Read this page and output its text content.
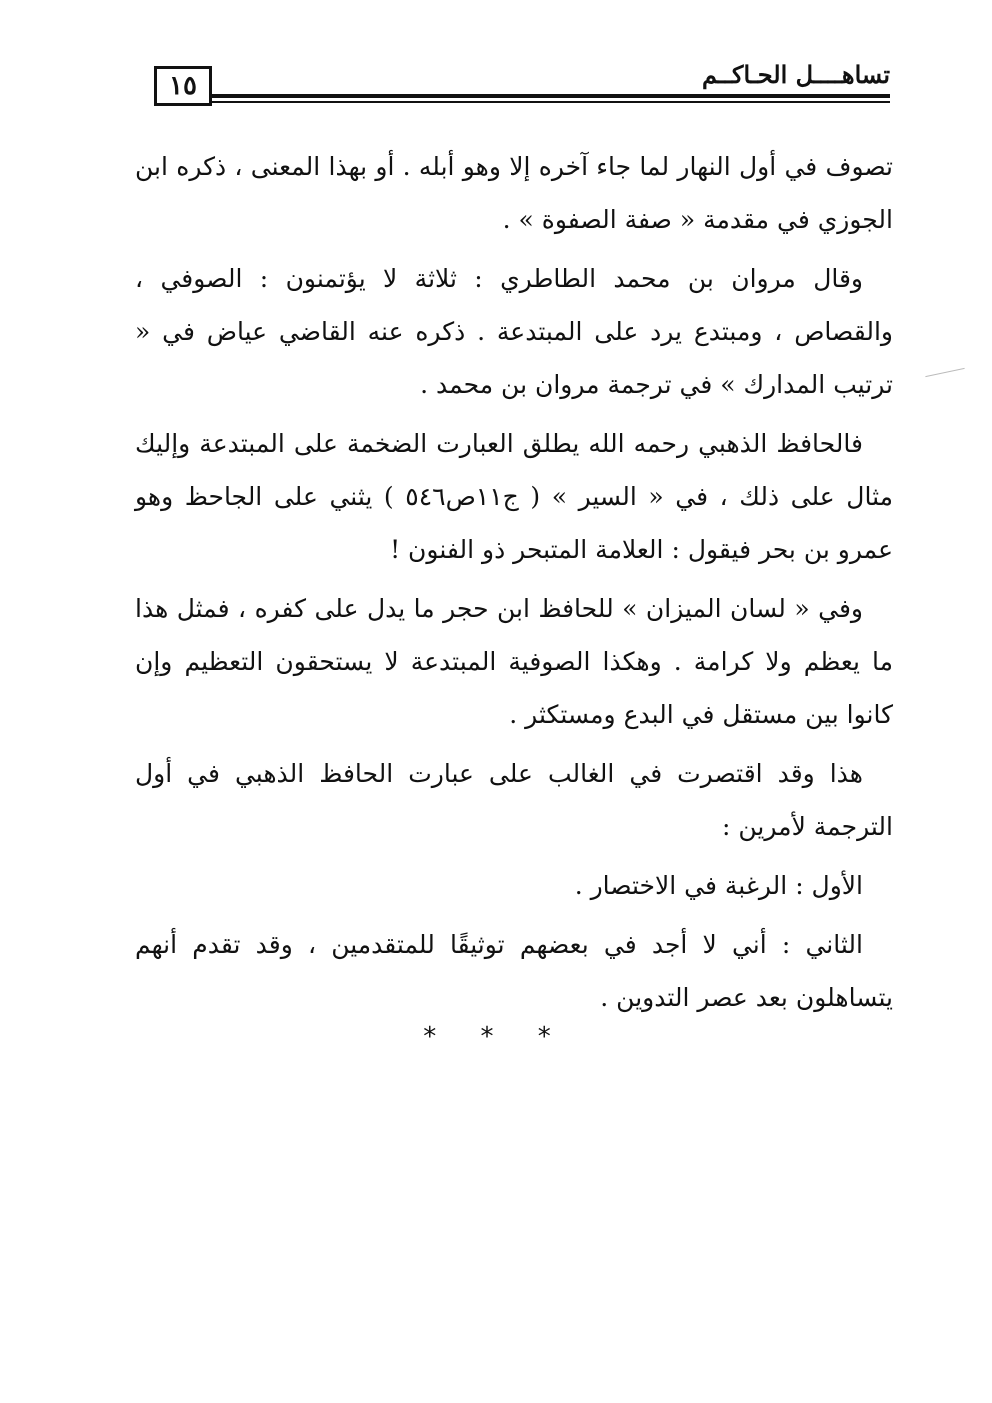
١٥	تساهــــل الحـاكــم

تصوف في أول النهار لما جاء آخره إلا وهو أبله . أو بهذا المعنى ، ذكره ابن الجوزي في مقدمة « صفة الصفوة » .

وقال مروان بن محمد الطاطري : ثلاثة لا يؤتمنون : الصوفي ، والقصاص ، ومبتدع يرد على المبتدعة . ذكره عنه القاضي عياض في « ترتيب المدارك » في ترجمة مروان بن محمد .

فالحافظ الذهبي رحمه الله يطلق العبارت الضخمة على المبتدعة وإليك مثال على ذلك ، في « السير » ( ج١١ص٥٤٦ ) يثني على الجاحظ وهو عمرو بن بحر فيقول : العلامة المتبحر ذو الفنون !

وفي « لسان الميزان » للحافظ ابن حجر ما يدل على كفره ، فمثل هذا ما يعظم ولا كرامة . وهكذا الصوفية المبتدعة لا يستحقون التعظيم وإن كانوا بين مستقل في البدع ومستكثر .

هذا وقد اقتصرت في الغالب على عبارت الحافظ الذهبي في أول الترجمة لأمرين :

الأول : الرغبة في الاختصار .

الثاني : أني لا أجد في بعضهم توثيقًا للمتقدمين ، وقد تقدم أنهم يتساهلون بعد عصر التدوين .

* * *
